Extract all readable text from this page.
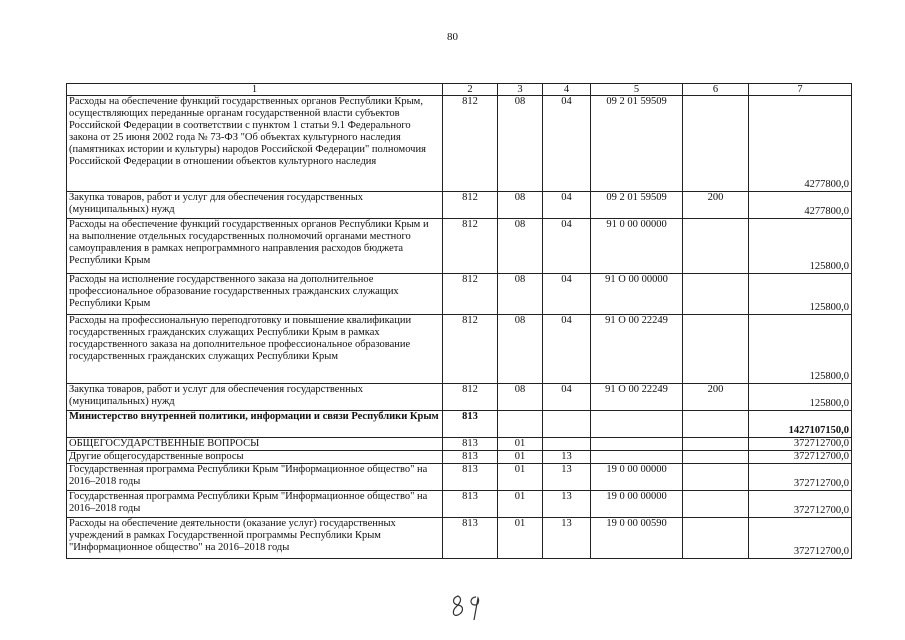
80
1	2	3	4	5	6	7
Расходы на обеспечение функций государственных органов Республики Крым, осуществляющих переданные органам государственной власти субъектов Российской Федерации в соответствии с пунктом 1 статьи 9.1 Федерального закона от 25 июня 2002 года № 73-ФЗ "Об объектах культурного наследия (памятниках истории и культуры) народов Российской Федерации" полномочия Российской Федерации в отношении объектов культурного наследия	812	08	04	09 2 01 59509		4277800,0
Закупка товаров, работ и услуг для обеспечения государственных (муниципальных) нужд	812	08	04	09 2 01 59509	200	4277800,0
Расходы на обеспечение функций государственных органов Республики Крым и на выполнение отдельных государственных полномочий органами местного самоуправления в рамках непрограммного направления расходов бюджета Республики Крым	812	08	04	91 0 00 00000		125800,0
Расходы на исполнение государственного заказа на дополнительное профессиональное образование государственных гражданских служащих Республики Крым	812	08	04	91 О 00 00000		125800,0
Расходы на профессиональную переподготовку и повышение квалификации государственных гражданских служащих Республики Крым в рамках государственного заказа на дополнительное профессиональное образование государственных гражданских служащих Республики Крым	812	08	04	91 О 00 22249		125800,0
Закупка товаров, работ и услуг для обеспечения государственных (муниципальных) нужд	812	08	04	91 О 00 22249	200	125800,0
Министерство внутренней политики, информации и связи Республики Крым	813					1427107150,0
ОБЩЕГОСУДАРСТВЕННЫЕ ВОПРОСЫ	813	01				372712700,0
Другие общегосударственные вопросы	813	01	13			372712700,0
Государственная программа Республики Крым "Информационное общество" на 2016–2018 годы	813	01	13	19 0 00 00000		372712700,0
Государственная программа Республики Крым "Информационное общество" на 2016–2018 годы	813	01	13	19 0 00 00000		372712700,0
Расходы на обеспечение деятельности (оказание услуг) государственных учреждений в рамках Государственной программы Республики Крым "Информационное общество" на 2016–2018 годы	813	01	13	19 0 00 00590		372712700,0
